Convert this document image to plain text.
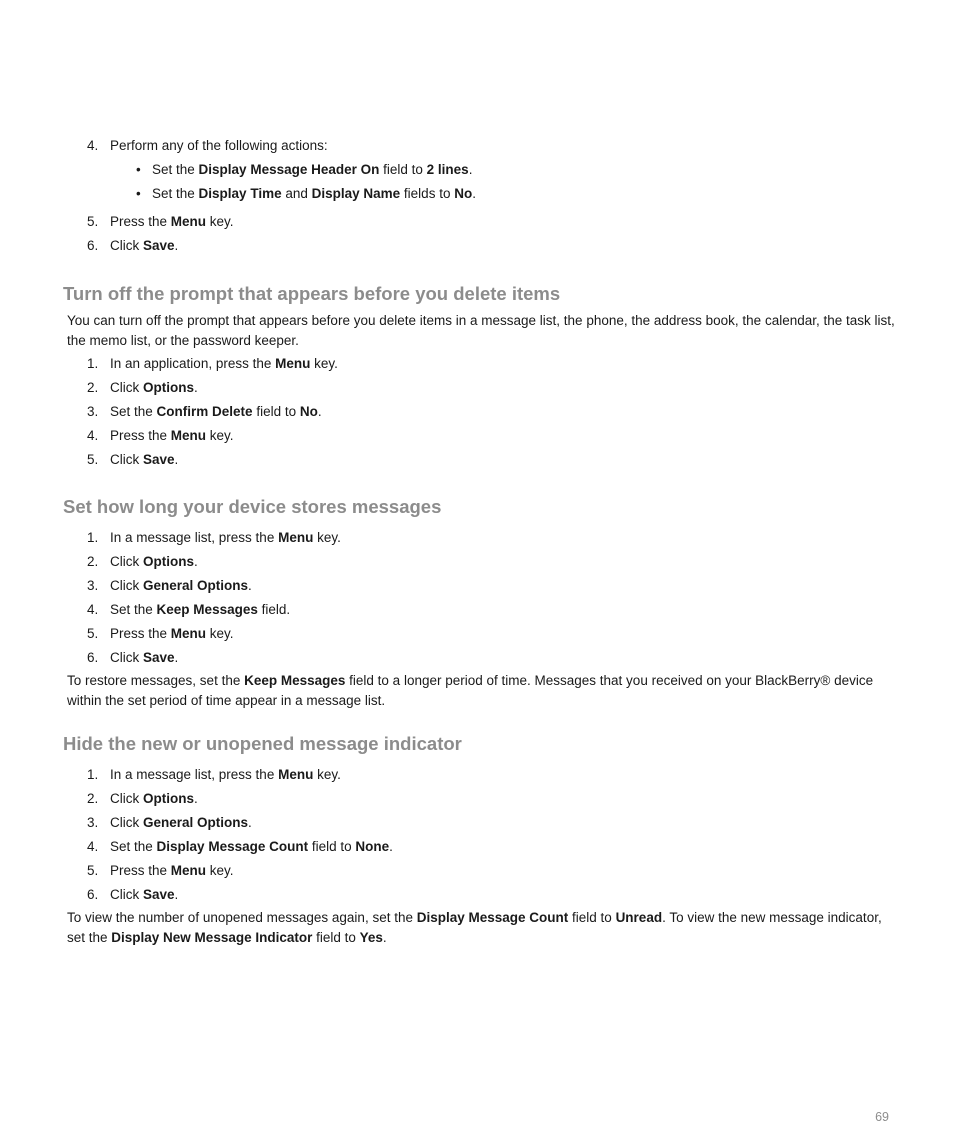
4. Perform any of the following actions:
• Set the Display Message Header On field to 2 lines.
• Set the Display Time and Display Name fields to No.
5. Press the Menu key.
6. Click Save.
Turn off the prompt that appears before you delete items

You can turn off the prompt that appears before you delete items in a message list, the phone, the address book, the calendar, the task list, the memo list, or the password keeper.

1. In an application, press the Menu key.
2. Click Options.
3. Set the Confirm Delete field to No.
4. Press the Menu key.
5. Click Save.
Set how long your device stores messages
1. In a message list, press the Menu key.
2. Click Options.
3. Click General Options.
4. Set the Keep Messages field.
5. Press the Menu key.
6. Click Save.

To restore messages, set the Keep Messages field to a longer period of time. Messages that you received on your BlackBerry® device within the set period of time appear in a message list.

Hide the new or unopened message indicator
1. In a message list, press the Menu key.
2. Click Options.
3. Click General Options.
4. Set the Display Message Count field to None.
5. Press the Menu key.
6. Click Save.

To view the number of unopened messages again, set the Display Message Count field to Unread. To view the new message indicator, set the Display New Message Indicator field to Yes.

69
